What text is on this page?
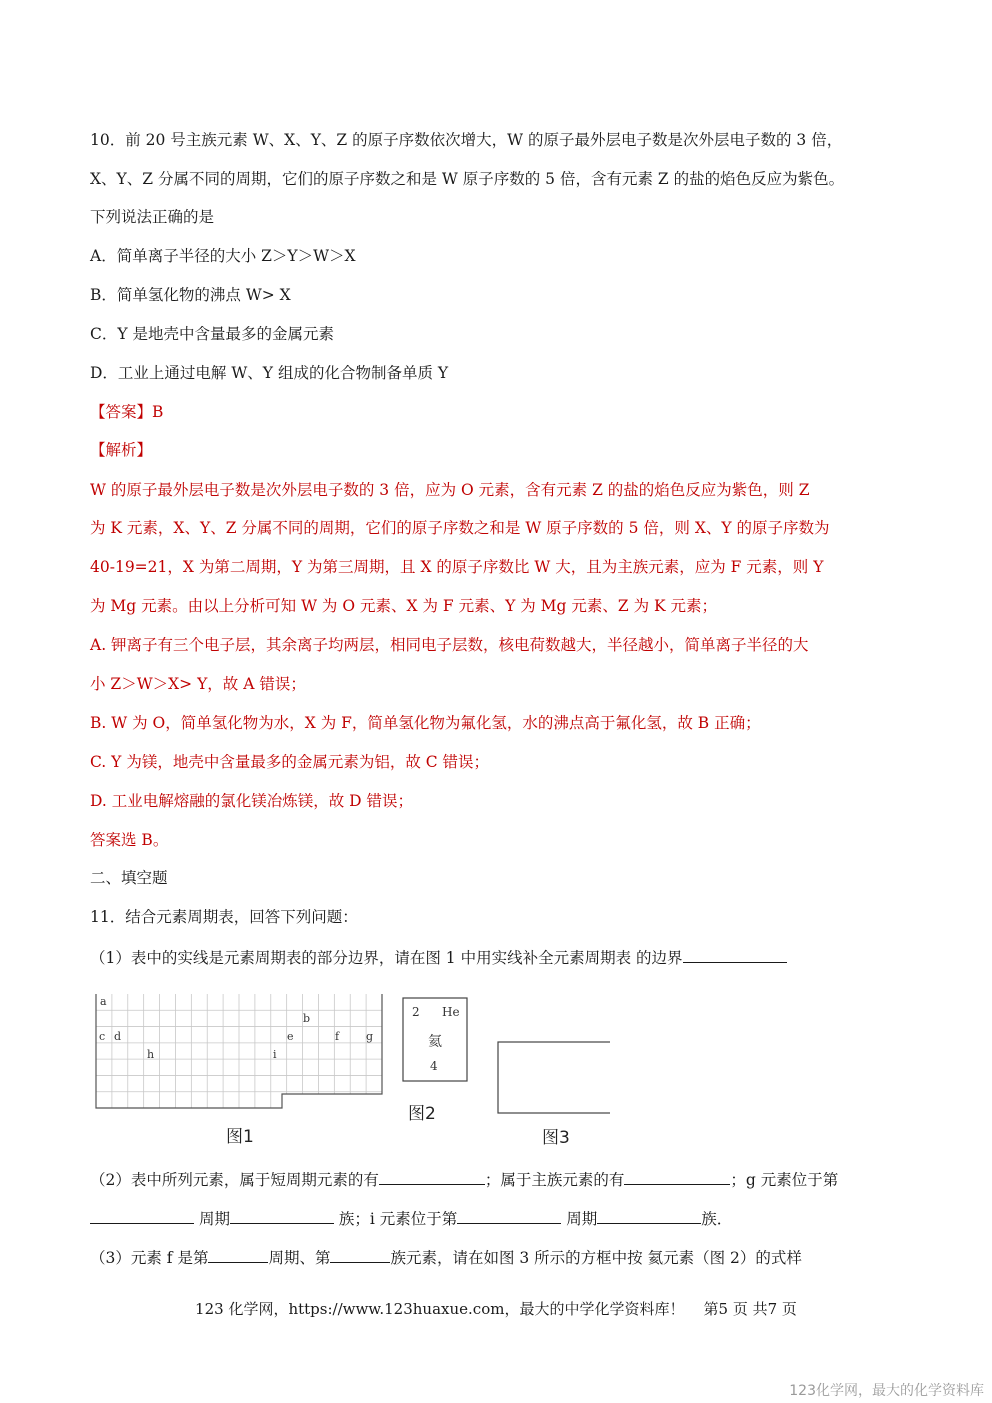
10．前 20 号主族元素 W、X、Y、Z 的原子序数依次增大，W 的原子最外层电子数是次外层电子数的 3 倍，
X、Y、Z 分属不同的周期，它们的原子序数之和是 W 原子序数的 5 倍，含有元素 Z 的盐的焰色反应为紫色。
下列说法正确的是
A．简单离子半径的大小 Z＞Y＞W＞X
B．简单氢化物的沸点 W> X
C．Y 是地壳中含量最多的金属元素
D．工业上通过电解 W、Y 组成的化合物制备单质 Y
【答案】B
【解析】
W 的原子最外层电子数是次外层电子数的 3 倍，应为 O 元素，含有元素 Z 的盐的焰色反应为紫色，则 Z
为 K 元素，X、Y、Z 分属不同的周期，它们的原子序数之和是 W 原子序数的 5 倍，则 X、Y 的原子序数为
40-19=21，X 为第二周期，Y 为第三周期，且 X 的原子序数比 W 大，且为主族元素，应为 F 元素，则 Y
为 Mg 元素。由以上分析可知 W 为 O 元素、X 为 F 元素、Y 为 Mg 元素、Z 为 K 元素；
A. 钾离子有三个电子层，其余离子均两层，相同电子层数，核电荷数越大，半径越小，简单离子半径的大
小 Z＞W＞X> Y，故 A 错误；
B. W 为 O，简单氢化物为水，X 为 F，简单氢化物为氟化氢，水的沸点高于氟化氢，故 B 正确；
C. Y 为镁，地壳中含量最多的金属元素为铝，故 C 错误；
D. 工业电解熔融的氯化镁冶炼镁，故 D 错误；
答案选 B。
二、填空题
11．结合元素周期表，回答下列问题：
（1）表中的实线是元素周期表的部分边界，请在图 1 中用实线补全元素周期表 的边界
a
b
c d	e	f g
h	i
图1
2 He
氦
4
图2
图3
（2）表中所列元素，属于短周期元素的有	；属于主族元素的有	；g 元素位于第
周期	族；i 元素位于第	周期	族．
（3）元素 f 是第	周期、第	族元素，请在如图 3 所示的方框中按 氦元素（图 2）的式样
123 化学网，https://www.123huaxue.com，最大的中学化学资料库！ 第5 页 共7 页
123化学网，最大的化学资料库
